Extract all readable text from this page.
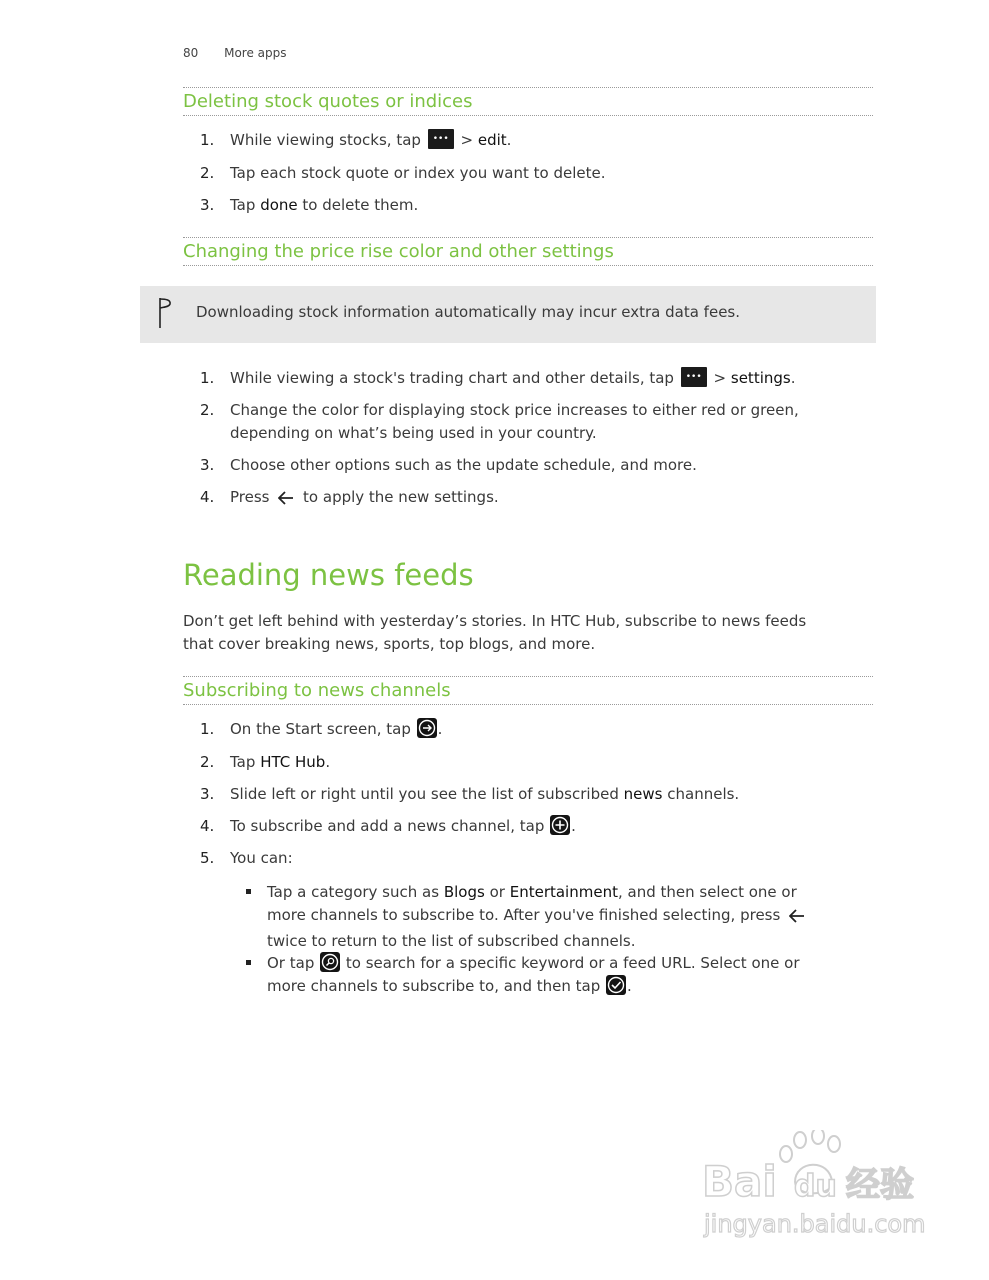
80 More apps
Deleting stock quotes or indices
1.	While viewing stocks, tap •••	> edit.
2.	Tap each stock quote or index you want to delete.
3.	Tap done to delete them.
Changing the price rise color and other settings
Downloading stock information automatically may incur extra data fees.
1.	While viewing a stock's trading chart and other details, tap •••	> settings.
2.	Change the color for displaying stock price increases to either red or green,
depending on what’s being used in your country.
3.	Choose other options such as the update schedule, and more.
4.	Press to apply the new settings.
Reading news feeds
Don’t get left behind with yesterday’s stories. In HTC Hub, subscribe to news feeds
that cover breaking news, sports, top blogs, and more.
Subscribing to news channels
1.	On the Start screen, tap .
2.	Tap HTC Hub.
3.	Slide left or right until you see the list of subscribed news channels.
4.	To subscribe and add a news channel, tap .
5.	You can:
Tap a category such as Blogs or Entertainment, and then select one or
more channels to subscribe to. After you've finished selecting, press
twice to return to the list of subscribed channels.
Or tap to search for a specific keyword or a feed URL. Select one or
more channels to subscribe to, and then tap .
Bai du 经验
jingyan.baidu.com
